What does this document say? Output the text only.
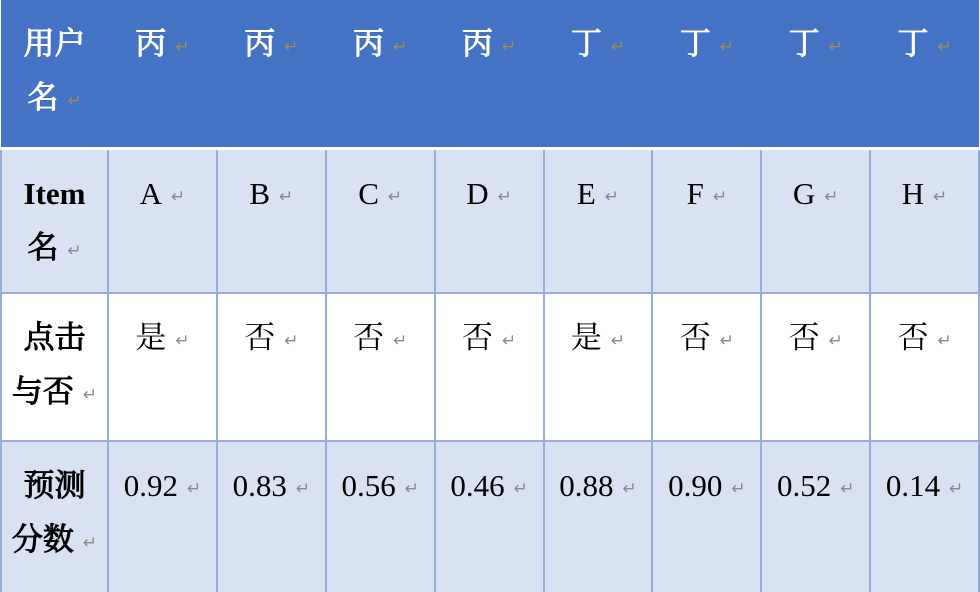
用户
名 ↵	丙 ↵	丙 ↵	丙 ↵	丙 ↵	丁 ↵	丁 ↵	丁 ↵	丁 ↵

Item
名 ↵	A ↵	B ↵	C ↵	D ↵	E ↵	F ↵	G ↵	H ↵

点击
与否 ↵	是 ↵	否 ↵	否 ↵	否 ↵	是 ↵	否 ↵	否 ↵	否 ↵

预测
分数 ↵	0.92 ↵	0.83 ↵	0.56 ↵	0.46 ↵	0.88 ↵	0.90 ↵	0.52 ↵	0.14 ↵
